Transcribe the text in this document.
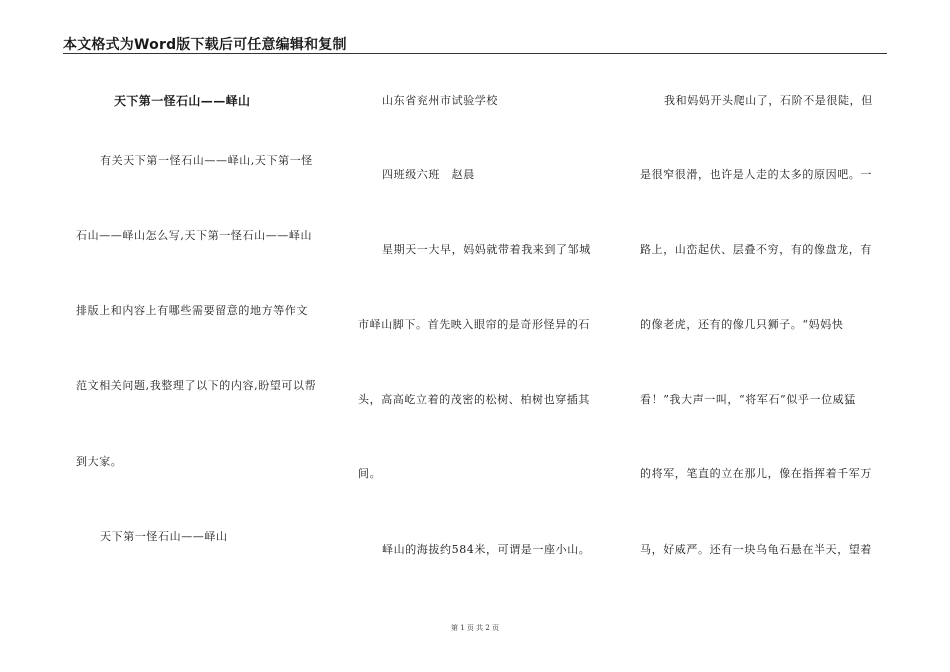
本文格式为Word版下载后可任意编辑和复制
天下第一怪石山——峄山
有关天下第一怪石山——峄山,天下第一怪
石山——峄山怎么写,天下第一怪石山——峄山
排版上和内容上有哪些需要留意的地方等作文
范文相关问题,我整理了以下的内容,盼望可以帮
到大家。
天下第一怪石山——峄山
山东省兖州市试验学校
四班级六班　赵晨
星期天一大早，妈妈就带着我来到了邹城
市峄山脚下。首先映入眼帘的是奇形怪异的石
头，高高屹立着的茂密的松树、柏树也穿插其
间。
峄山的海拔约584米，可谓是一座小山。
我和妈妈开头爬山了，石阶不是很陡，但
是很窄很滑，也许是人走的太多的原因吧。一
路上，山峦起伏、层叠不穷，有的像盘龙，有
的像老虎，还有的像几只狮子。“妈妈快
看！”我大声一叫，“将军石”似乎一位威猛
的将军，笔直的立在那儿，像在指挥着千军万
马，好威严。还有一块乌龟石悬在半天，望着
第 1 页 共 2 页
